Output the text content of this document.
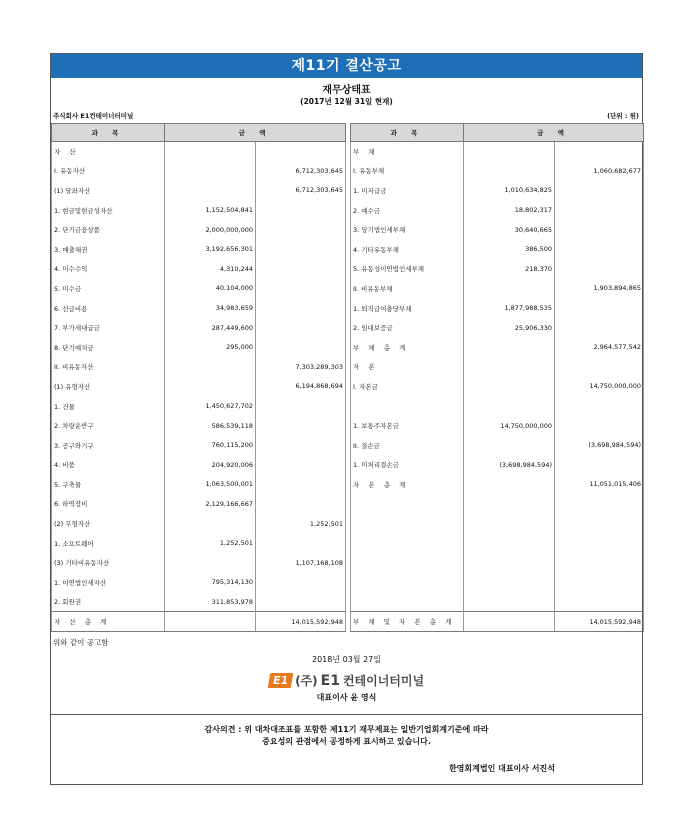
제11기 결산공고
재무상태표
(2017년 12월 31일 현재)
주식회사 E1컨테이너터미널	(단위 : 원)
과 목	금 액	
자 산		
I. 유동자산		6,712,303,645
(1) 당좌자산		6,712,303,645
1. 현금및현금성자산	1,152,504,841	
2. 단기금융상품	2,000,000,000	
3. 매출채권	3,192,656,301	
4. 미수수익	4,310,244	
5. 미수금	40,104,000	
6. 선급비용	34,983,659	
7. 부가세대급금	287,449,600	
8. 단기예치금	295,000	
II. 비유동자산		7,303,289,303
(1) 유형자산		6,194,868,694
1. 건물	1,450,627,702	
2. 차량운반구	586,539,118	
3. 공구와기구	760,115,200	
4. 비품	204,920,006	
5. 구축물	1,063,500,001	
6. 하역장비	2,129,166,667	
(2) 무형자산		1,252,501
1. 소프트웨어	1,252,501	
(3) 기타비유동자산		1,107,168,108
1. 이연법인세자산	795,314,130	
2. 회원권	311,853,978	
자 산 총 계		14,015,592,948
과 목	금 액	
부 채		
I. 유동부채		1,060,682,677
1. 미지급금	1,010,634,825	
2. 예수금	18,802,317	
3. 당기법인세부채	30,640,665	
4. 기타유동부채	386,500	
5. 유동성이연법인세부채	218,370	
II. 비유동부채		1,903,894,865
1. 퇴직급여충당부채	1,877,988,535	
2. 임대보증금	25,906,330	
부 채 총 계		2,964,577,542
자 본		
I. 자본금		14,750,000,000

1. 보통주자본금	14,750,000,000	
II. 결손금		(3,698,984,594)
1. 미처리결손금	(3,698,984,594)	
자 본 총 계		11,051,015,406

부 채 및 자 본 총 계		14,015,592,948
위와 같이 공고함
2018년 03월 27일
E1 (주) E1 컨테이너터미널
대표이사 윤 영식
감사의견 : 위 대차대조표를 포함한 제11기 재무제표는 일반기업회계기준에 따라
중요성의 관점에서 공정하게 표시하고 있습니다.
한영회계법인 대표이사 서진석
